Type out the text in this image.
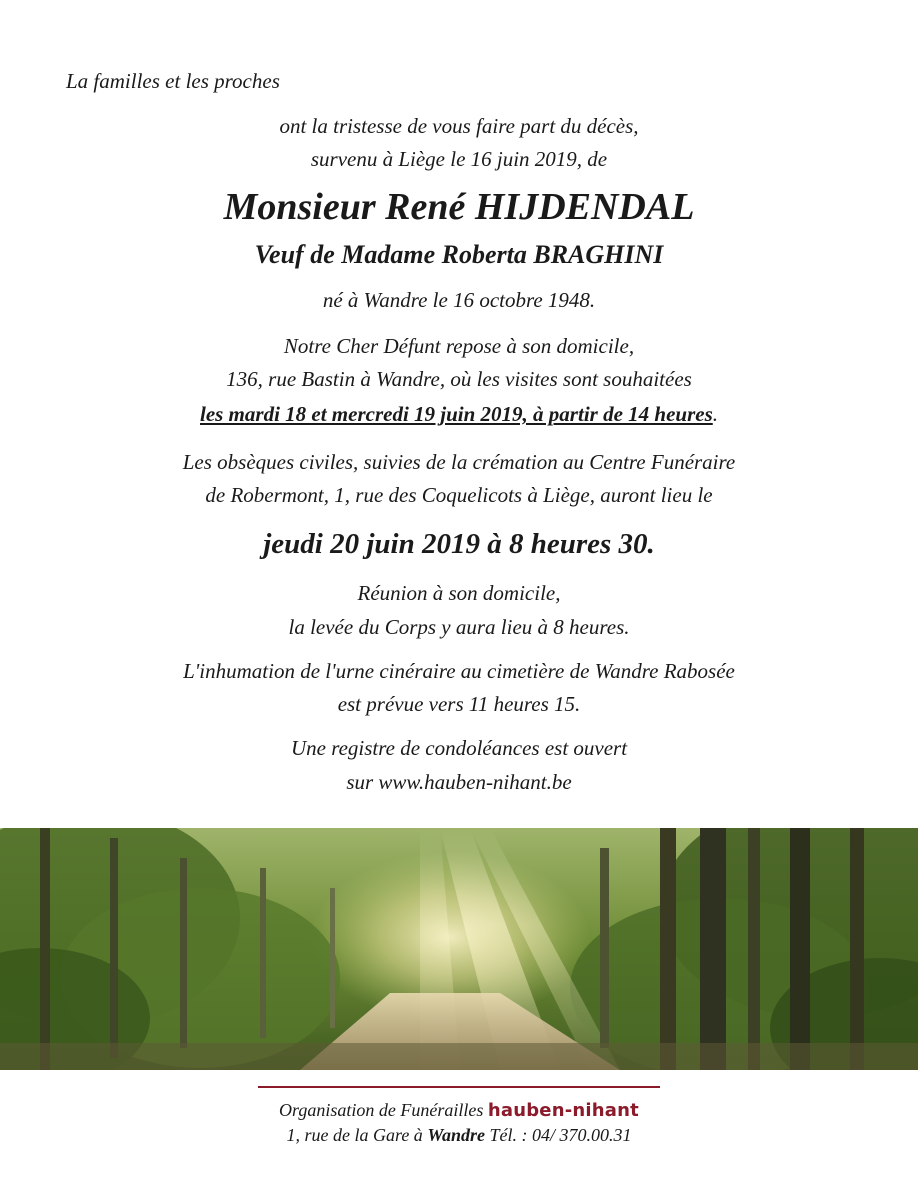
La familles et les proches
ont la tristesse de vous faire part du décès,
survenu à Liège le 16 juin 2019, de
Monsieur René HIJDENDAL
Veuf de Madame Roberta BRAGHINI
né à Wandre le 16 octobre 1948.
Notre Cher Défunt repose à son domicile,
136, rue Bastin à Wandre, où les visites sont souhaitées
les mardi 18 et mercredi 19 juin 2019, à partir de 14 heures.
Les obsèques civiles, suivies de la crémation au Centre Funéraire
de Robermont, 1, rue des Coquelicots à Liège, auront lieu le
jeudi 20 juin 2019 à 8 heures 30.
Réunion à son domicile,
la levée du Corps y aura lieu à 8 heures.
L'inhumation de l'urne cinéraire au cimetière de Wandre Rabosée
est prévue vers 11 heures 15.
Une registre de condoléances est ouvert
sur www.hauben-nihant.be
Organisation de Funérailles hauben-nihant
1, rue de la Gare à Wandre Tél. : 04/ 370.00.31
